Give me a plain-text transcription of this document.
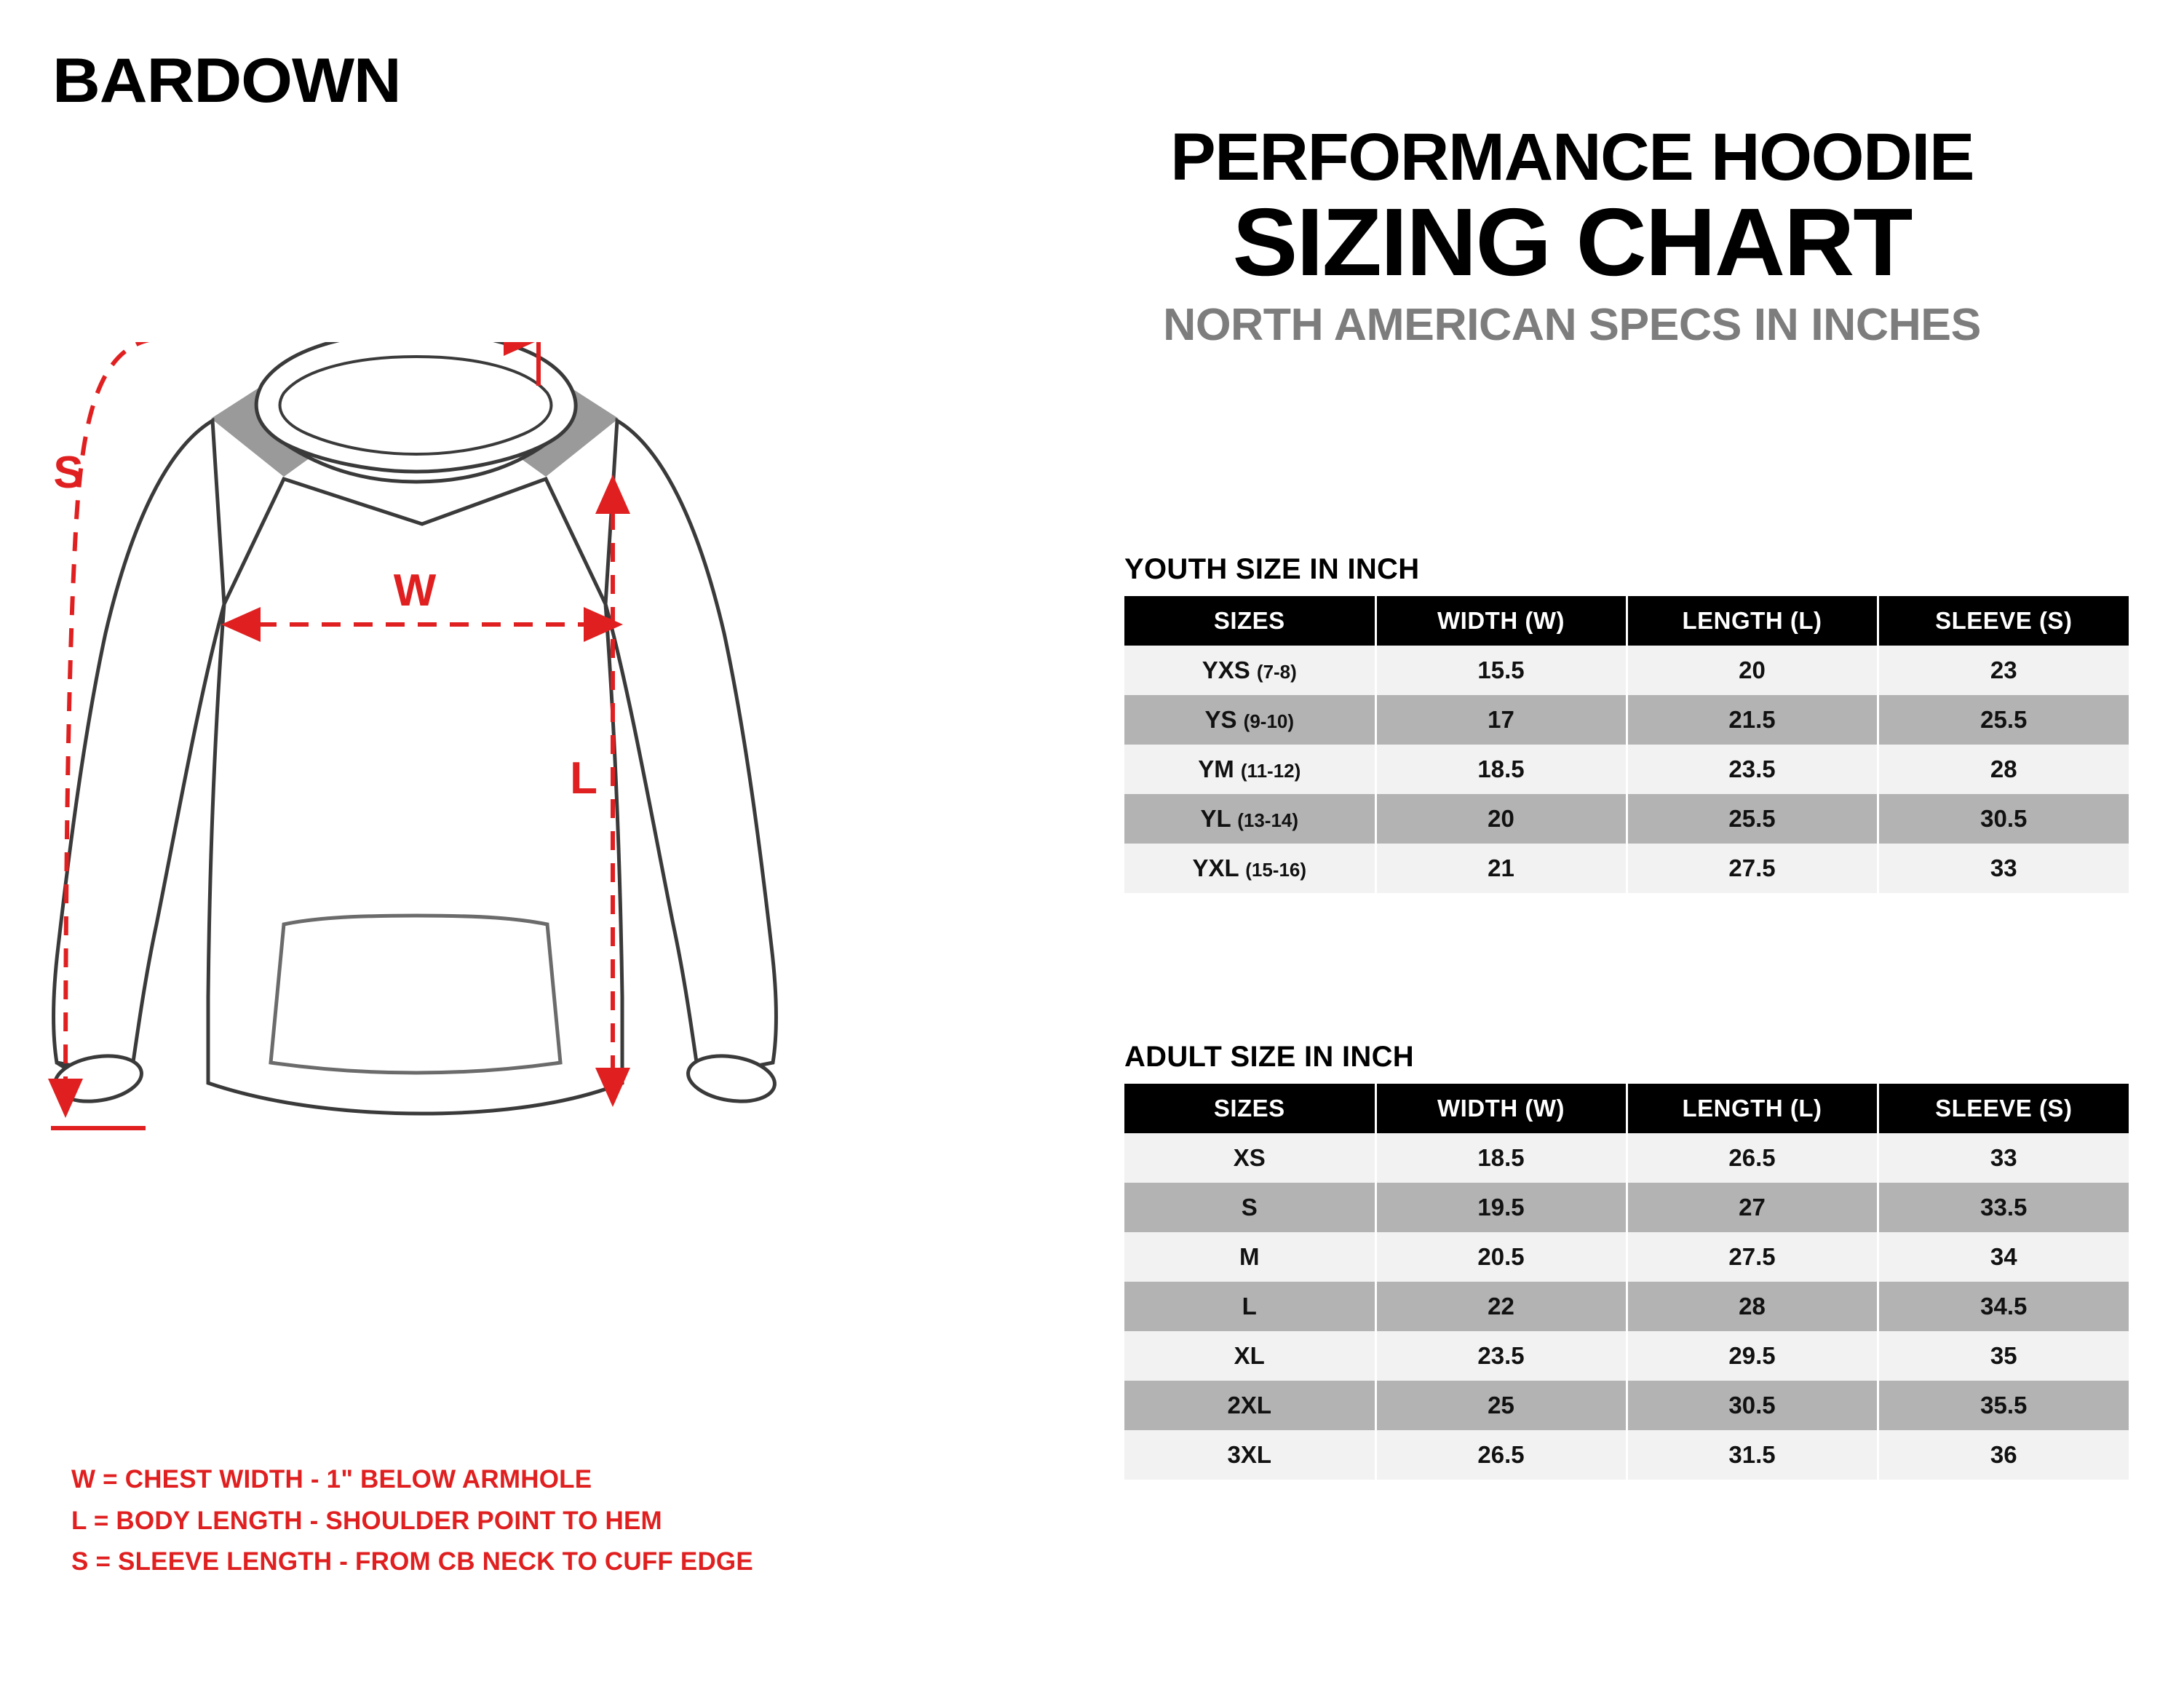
BARDOWN
PERFORMANCE HOODIE
SIZING CHART
NORTH AMERICAN SPECS IN INCHES
W
L
S
YOUTH SIZE IN INCH
SIZES	WIDTH (W)	LENGTH (L)	SLEEVE (S)
YXS (7-8)	15.5	20	23
YS (9-10)	17	21.5	25.5
YM (11-12)	18.5	23.5	28
YL (13-14)	20	25.5	30.5
YXL (15-16)	21	27.5	33
ADULT SIZE IN INCH
SIZES	WIDTH (W)	LENGTH (L)	SLEEVE (S)
XS	18.5	26.5	33
S	19.5	27	33.5
M	20.5	27.5	34
L	22	28	34.5
XL	23.5	29.5	35
2XL	25	30.5	35.5
3XL	26.5	31.5	36
W = CHEST WIDTH - 1" BELOW ARMHOLE
L = BODY LENGTH - SHOULDER POINT TO HEM
S = SLEEVE LENGTH - FROM CB NECK TO CUFF EDGE
